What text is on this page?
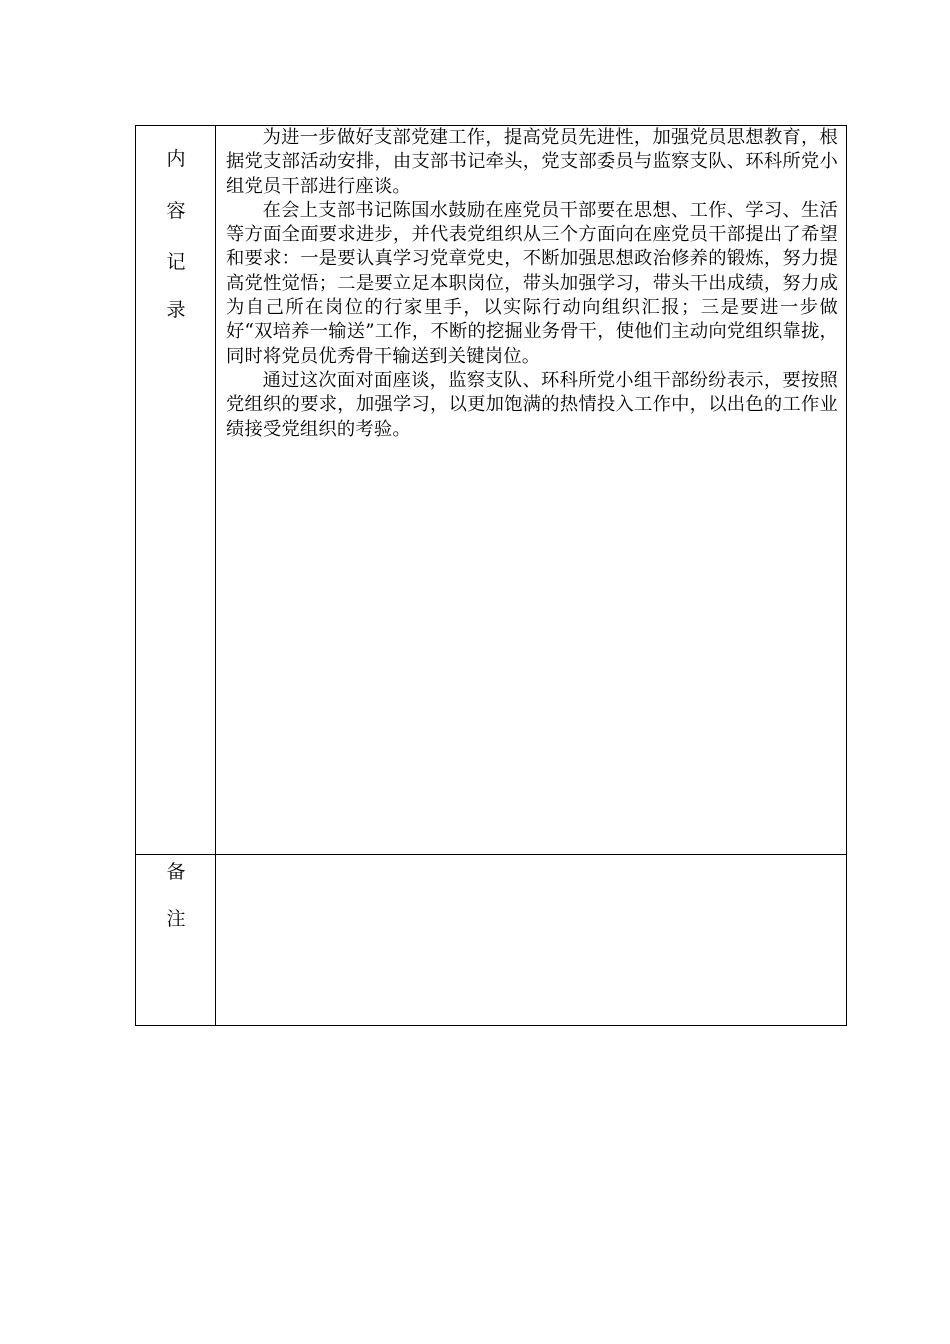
内
容
记
录

为进一步做好支部党建工作，提高党员先进性，加强党员思想教育，根据党支部活动安排，由支部书记牵头，党支部委员与监察支队、环科所党小组党员干部进行座谈。

在会上支部书记陈国水鼓励在座党员干部要在思想、工作、学习、生活等方面全面要求进步，并代表党组织从三个方面向在座党员干部提出了希望和要求：一是要认真学习党章党史，不断加强思想政治修养的锻炼，努力提高党性觉悟；二是要立足本职岗位，带头加强学习，带头干出成绩，努力成为自己所在岗位的行家里手，以实际行动向组织汇报；三是要进一步做好“双培养一输送”工作，不断的挖掘业务骨干，使他们主动向党组织靠拢，同时将党员优秀骨干输送到关键岗位。

通过这次面对面座谈，监察支队、环科所党小组干部纷纷表示，要按照党组织的要求，加强学习，以更加饱满的热情投入工作中，以出色的工作业绩接受党组织的考验。

备
注
